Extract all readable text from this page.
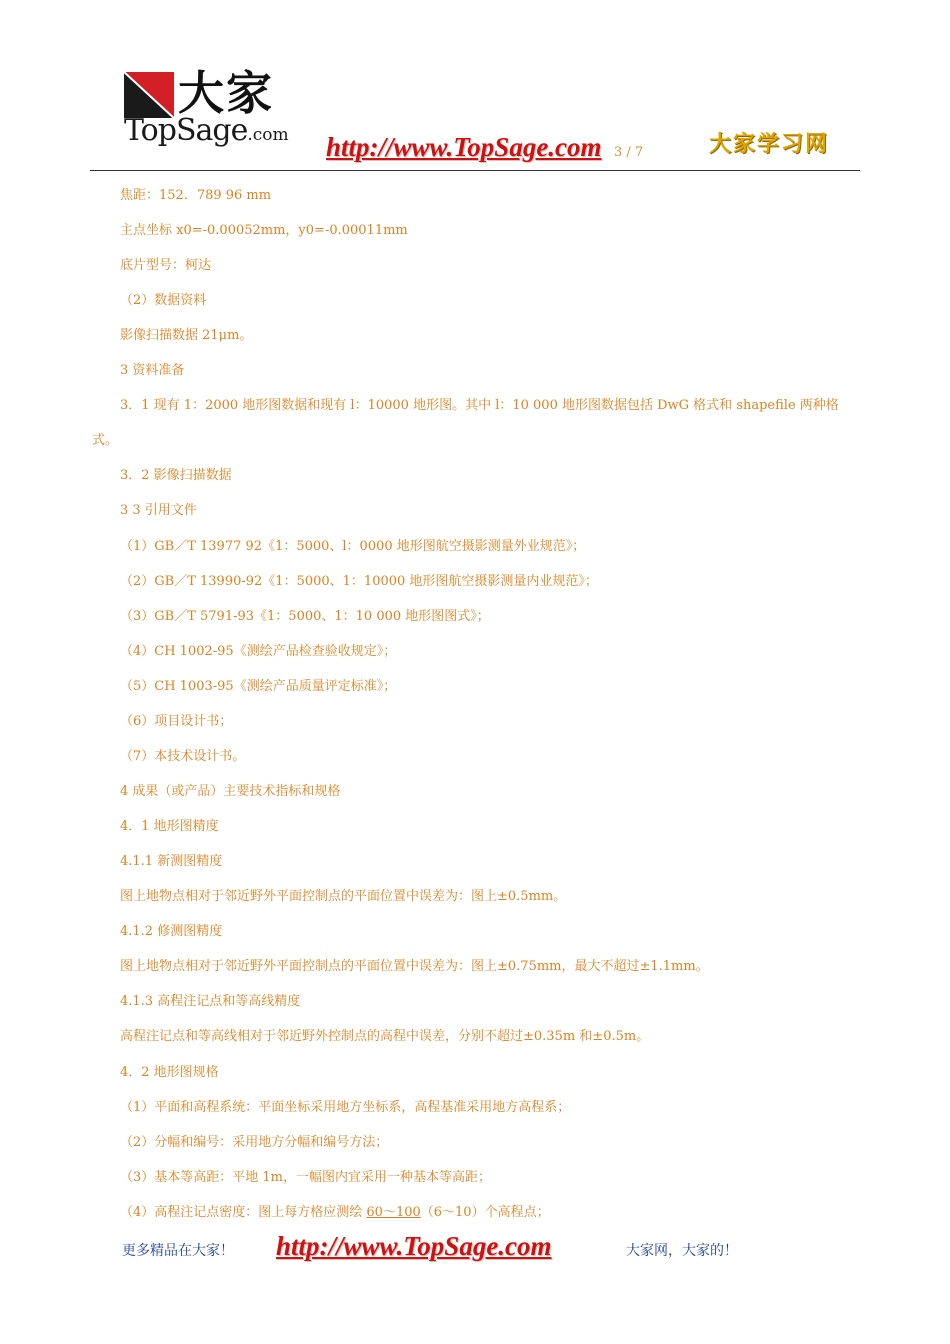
大家
TopSage.com http://www.TopSage.com 3 / 7	大家学习网
焦距：152．789 96 mm
主点坐标 x0=-0.00052mm，y0=-0.00011mm
底片型号：柯达
（2）数据资料
影像扫描数据 21μm。
3 资料准备
3．1 现有 1：2000 地形图数据和现有 l：10000 地形图。其中 l：10 000 地形图数据包括 DwG 格式和 shapefile 两种格
式。
3．2 影像扫描数据
3 3 引用文件
（1）GB／T 13977 92《1：5000、l：0000 地形图航空摄影测量外业规范》；
（2）GB／T 13990-92《1：5000、1：10000 地形图航空摄影测量内业规范》；
（3）GB／T 5791-93《1：5000、1：10 000 地形图图式》；
（4）CH 1002-95《测绘产品检查验收规定》；
（5）CH 1003-95《测绘产品质量评定标准》；
（6）项目设计书；
（7）本技术设计书。
4 成果（或产品）主要技术指标和规格
4．1 地形图精度
4.1.1 新测图精度
图上地物点相对于邻近野外平面控制点的平面位置中误差为：图上±0.5mm。
4.1.2 修测图精度
图上地物点相对于邻近野外平面控制点的平面位置中误差为：图上±0.75mm，最大不超过±1.1mm。
4.1.3 高程注记点和等高线精度
高程注记点和等高线相对于邻近野外控制点的高程中误差，分别不超过±0.35m 和±0.5m。
4．2 地形图规格
（1）平面和高程系统：平面坐标采用地方坐标系，高程基准采用地方高程系；
（2）分幅和编号：采用地方分幅和编号方法；
（3）基本等高距：平地 1m，一幅图内宜采用一种基本等高距；
（4）高程注记点密度：图上每方格应测绘 60～100（6～10）个高程点；
更多精品在大家！ http://www.TopSage.com	大家网，大家的！
